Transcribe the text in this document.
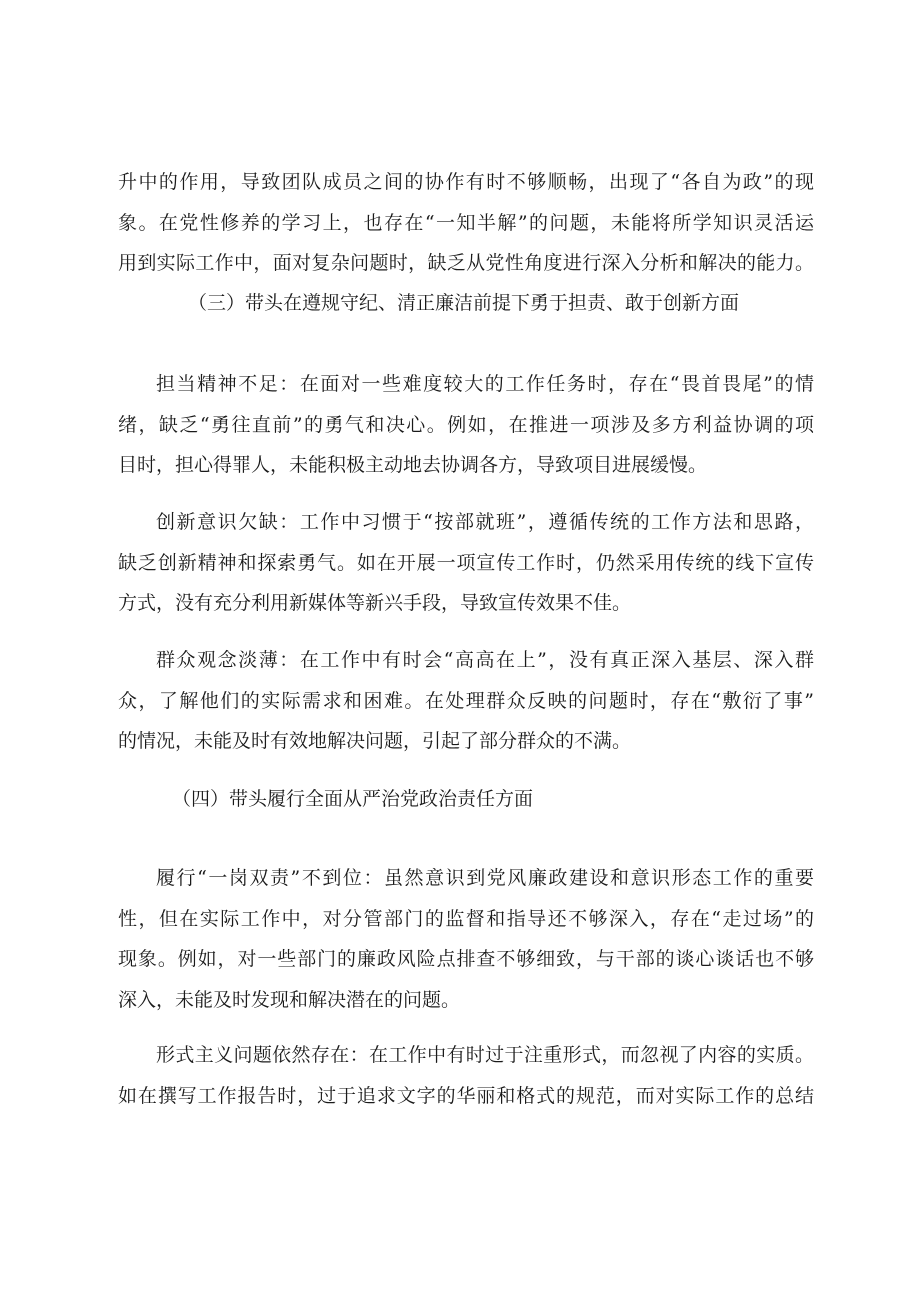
升中的作用，导致团队成员之间的协作有时不够顺畅，出现了“各自为政”的现
象。在党性修养的学习上，也存在“一知半解”的问题，未能将所学知识灵活运
用到实际工作中，面对复杂问题时，缺乏从党性角度进行深入分析和解决的能力。
（三）带头在遵规守纪、清正廉洁前提下勇于担责、敢于创新方面
担当精神不足：在面对一些难度较大的工作任务时，存在“畏首畏尾”的情
绪，缺乏“勇往直前”的勇气和决心。例如，在推进一项涉及多方利益协调的项
目时，担心得罪人，未能积极主动地去协调各方，导致项目进展缓慢。
创新意识欠缺：工作中习惯于“按部就班”，遵循传统的工作方法和思路，
缺乏创新精神和探索勇气。如在开展一项宣传工作时，仍然采用传统的线下宣传
方式，没有充分利用新媒体等新兴手段，导致宣传效果不佳。
群众观念淡薄：在工作中有时会“高高在上”，没有真正深入基层、深入群
众，了解他们的实际需求和困难。在处理群众反映的问题时，存在“敷衍了事”
的情况，未能及时有效地解决问题，引起了部分群众的不满。
（四）带头履行全面从严治党政治责任方面
履行“一岗双责”不到位：虽然意识到党风廉政建设和意识形态工作的重要
性，但在实际工作中，对分管部门的监督和指导还不够深入，存在“走过场”的
现象。例如，对一些部门的廉政风险点排查不够细致，与干部的谈心谈话也不够
深入，未能及时发现和解决潜在的问题。
形式主义问题依然存在：在工作中有时过于注重形式，而忽视了内容的实质。
如在撰写工作报告时，过于追求文字的华丽和格式的规范，而对实际工作的总结
